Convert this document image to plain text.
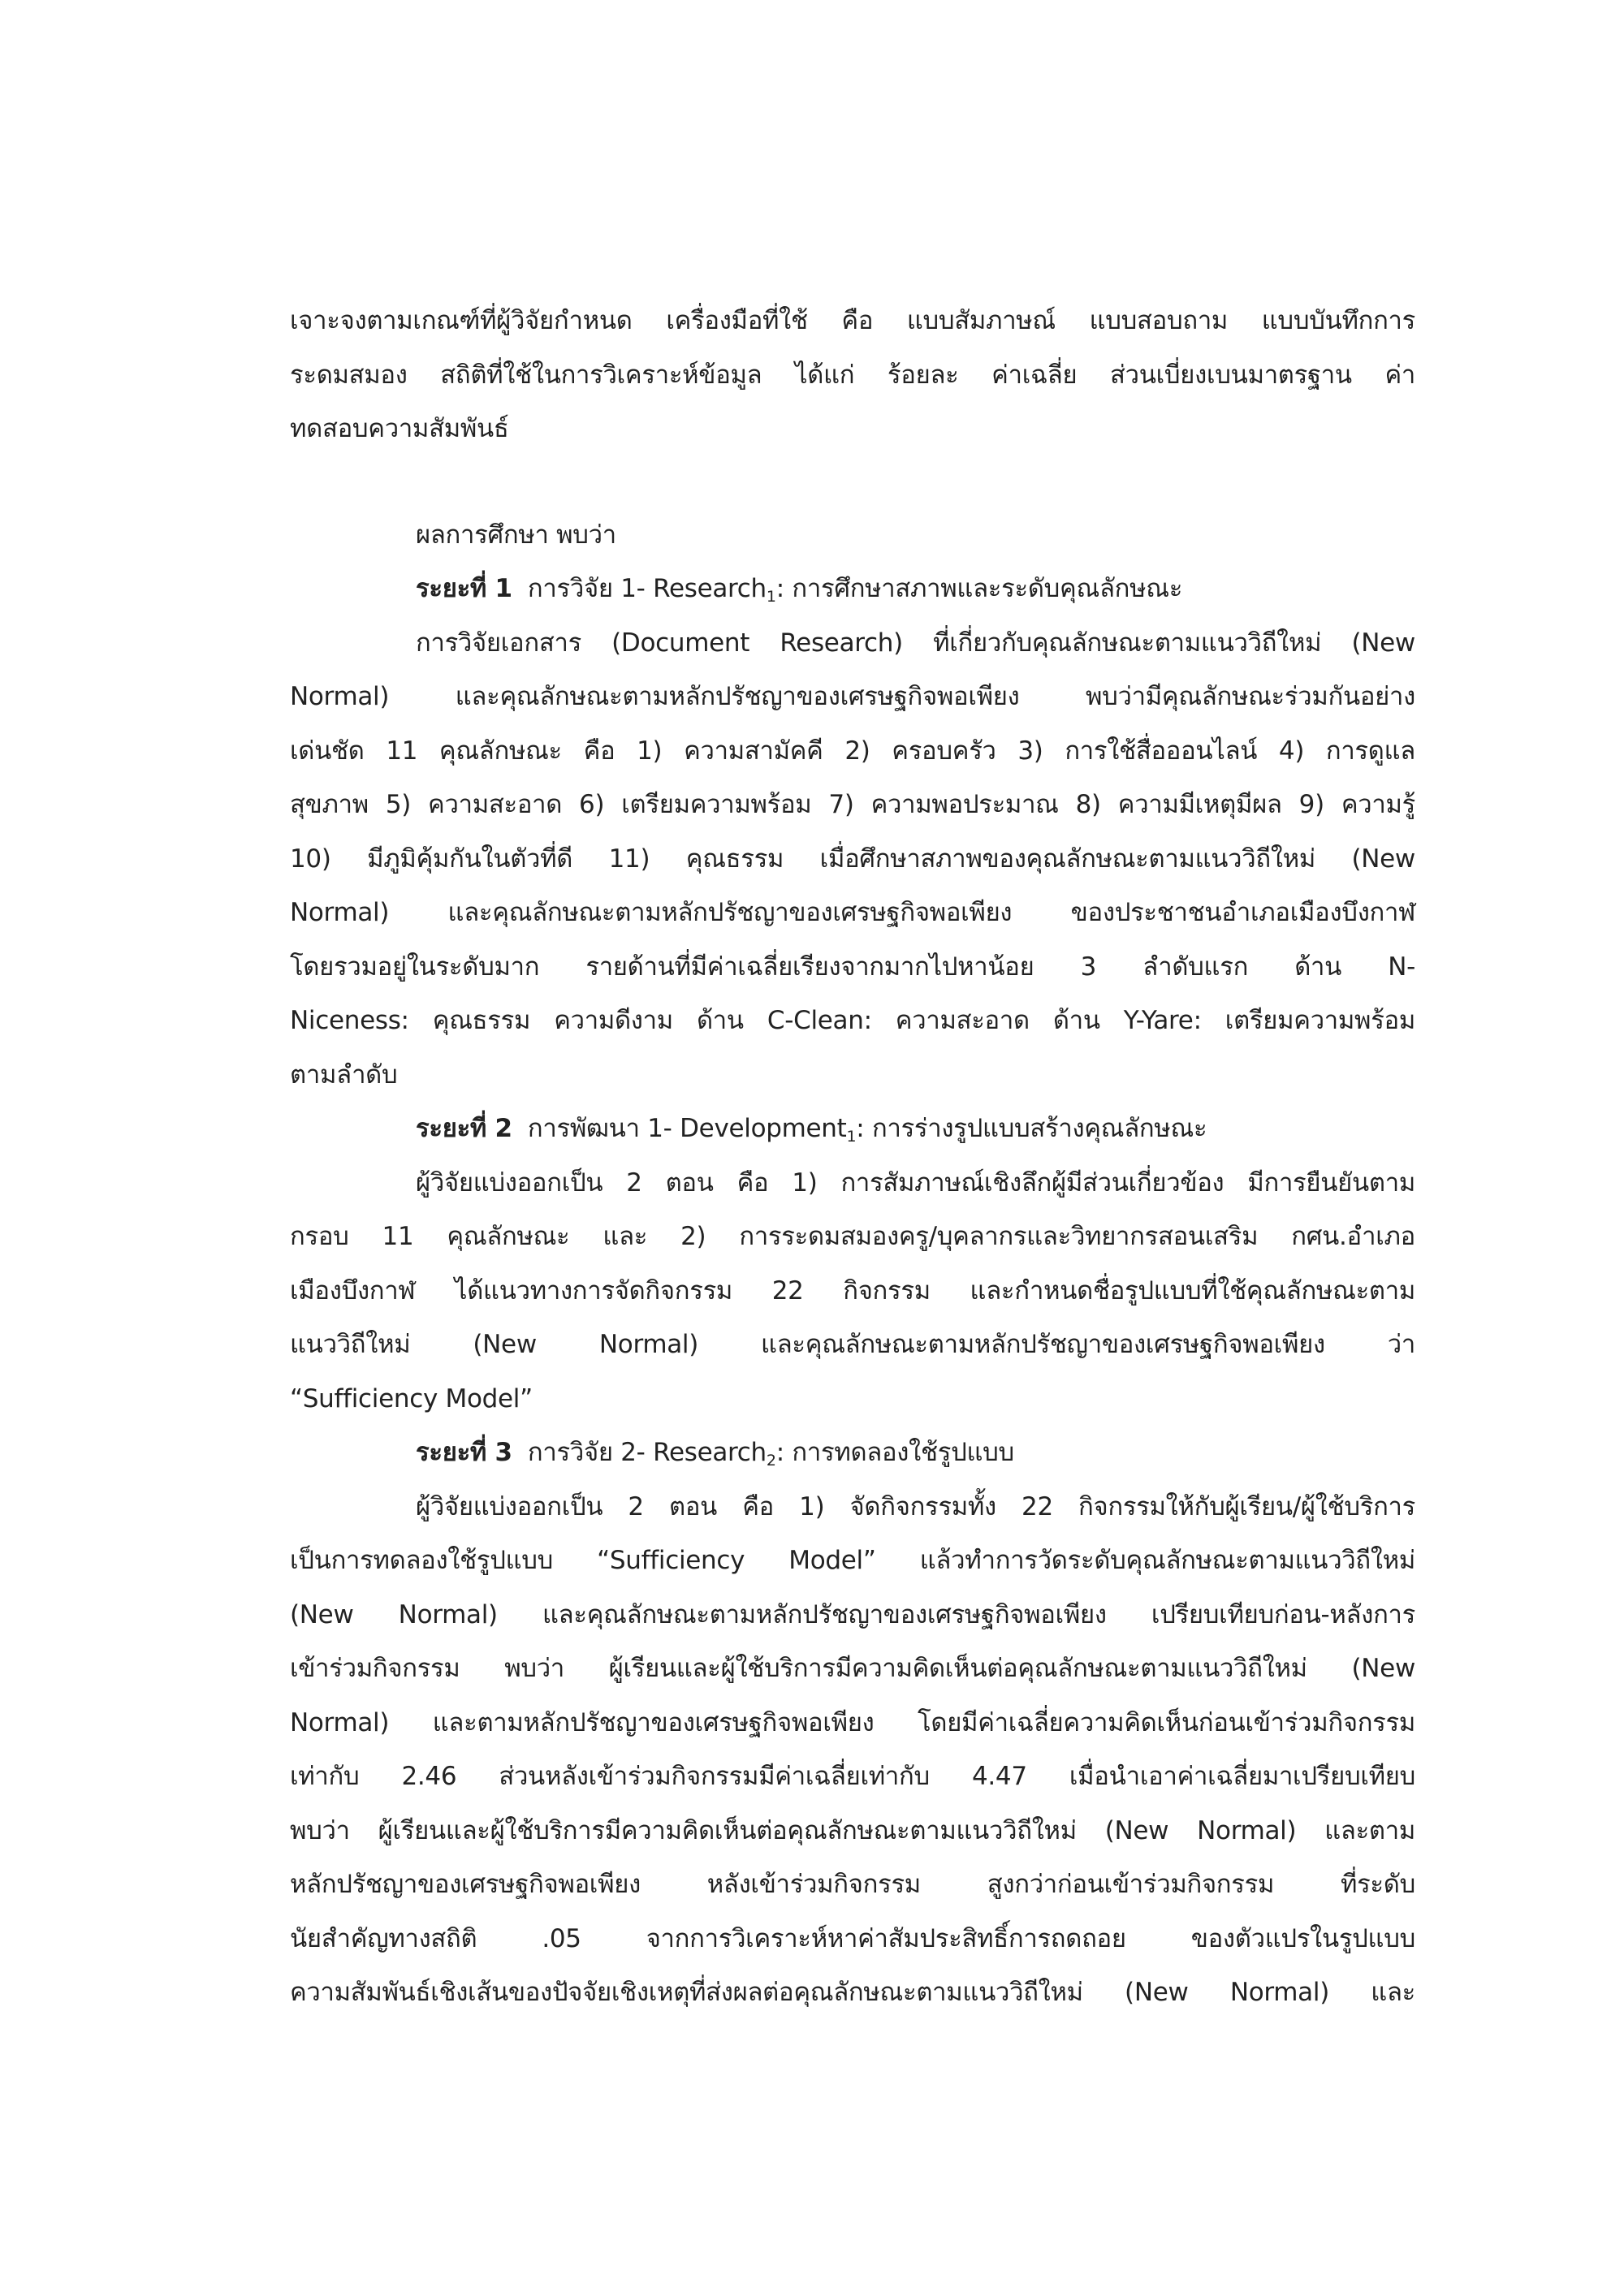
เจาะจงตามเกณฑ์ที่ผู้วิจัยกำหนด เครื่องมือที่ใช้ คือ แบบสัมภาษณ์ แบบสอบถาม แบบบันทึกการ
ระดมสมอง สถิติที่ใช้ในการวิเคราะห์ข้อมูล ได้แก่ ร้อยละ ค่าเฉลี่ย ส่วนเบี่ยงเบนมาตรฐาน ค่า
ทดสอบความสัมพันธ์
ผลการศึกษา พบว่า
ระยะที่ 1 การวิจัย 1- Research$_1$: การศึกษาสภาพและระดับคุณลักษณะ
การวิจัยเอกสาร (Document Research) ที่เกี่ยวกับคุณลักษณะตามแนววิถีใหม่ (New
Normal) และคุณลักษณะตามหลักปรัชญาของเศรษฐกิจพอเพียง พบว่ามีคุณลักษณะร่วมกันอย่าง
เด่นชัด 11 คุณลักษณะ คือ 1) ความสามัคคี 2) ครอบครัว 3) การใช้สื่อออนไลน์ 4) การดูแล
สุขภาพ 5) ความสะอาด 6) เตรียมความพร้อม 7) ความพอประมาณ 8) ความมีเหตุมีผล 9) ความรู้
10) มีภูมิคุ้มกันในตัวที่ดี 11) คุณธรรม เมื่อศึกษาสภาพของคุณลักษณะตามแนววิถีใหม่ (New
Normal) และคุณลักษณะตามหลักปรัชญาของเศรษฐกิจพอเพียง ของประชาชนอำเภอเมืองบึงกาฬ
โดยรวมอยู่ในระดับมาก รายด้านที่มีค่าเฉลี่ยเรียงจากมากไปหาน้อย 3 ลำดับแรก ด้าน N-
Niceness: คุณธรรม ความดีงาม ด้าน C-Clean: ความสะอาด ด้าน Y-Yare: เตรียมความพร้อม
ตามลำดับ
ระยะที่ 2 การพัฒนา 1- Development$_1$: การร่างรูปแบบสร้างคุณลักษณะ
ผู้วิจัยแบ่งออกเป็น 2 ตอน คือ 1) การสัมภาษณ์เชิงลึกผู้มีส่วนเกี่ยวข้อง มีการยืนยันตาม
กรอบ 11 คุณลักษณะ และ 2) การระดมสมองครู/บุคลากรและวิทยากรสอนเสริม กศน.อำเภอ
เมืองบึงกาฬ ได้แนวทางการจัดกิจกรรม 22 กิจกรรม และกำหนดชื่อรูปแบบที่ใช้คุณลักษณะตาม
แนววิถีใหม่ (New Normal) และคุณลักษณะตามหลักปรัชญาของเศรษฐกิจพอเพียง ว่า
“Sufficiency Model”
ระยะที่ 3 การวิจัย 2- Research$_2$: การทดลองใช้รูปแบบ
ผู้วิจัยแบ่งออกเป็น 2 ตอน คือ 1) จัดกิจกรรมทั้ง 22 กิจกรรมให้กับผู้เรียน/ผู้ใช้บริการ
เป็นการทดลองใช้รูปแบบ “Sufficiency Model” แล้วทำการวัดระดับคุณลักษณะตามแนววิถีใหม่
(New Normal) และคุณลักษณะตามหลักปรัชญาของเศรษฐกิจพอเพียง เปรียบเทียบก่อน-หลังการ
เข้าร่วมกิจกรรม พบว่า ผู้เรียนและผู้ใช้บริการมีความคิดเห็นต่อคุณลักษณะตามแนววิถีใหม่ (New
Normal) และตามหลักปรัชญาของเศรษฐกิจพอเพียง โดยมีค่าเฉลี่ยความคิดเห็นก่อนเข้าร่วมกิจกรรม
เท่ากับ 2.46 ส่วนหลังเข้าร่วมกิจกรรมมีค่าเฉลี่ยเท่ากับ 4.47 เมื่อนำเอาค่าเฉลี่ยมาเปรียบเทียบ
พบว่า ผู้เรียนและผู้ใช้บริการมีความคิดเห็นต่อคุณลักษณะตามแนววิถีใหม่ (New Normal) และตาม
หลักปรัชญาของเศรษฐกิจพอเพียง หลังเข้าร่วมกิจกรรม สูงกว่าก่อนเข้าร่วมกิจกรรม ที่ระดับ
นัยสำคัญทางสถิติ .05 จากการวิเคราะห์หาค่าสัมประสิทธิ์การถดถอย ของตัวแปรในรูปแบบ
ความสัมพันธ์เชิงเส้นของปัจจัยเชิงเหตุที่ส่งผลต่อคุณลักษณะตามแนววิถีใหม่ (New Normal) และ
